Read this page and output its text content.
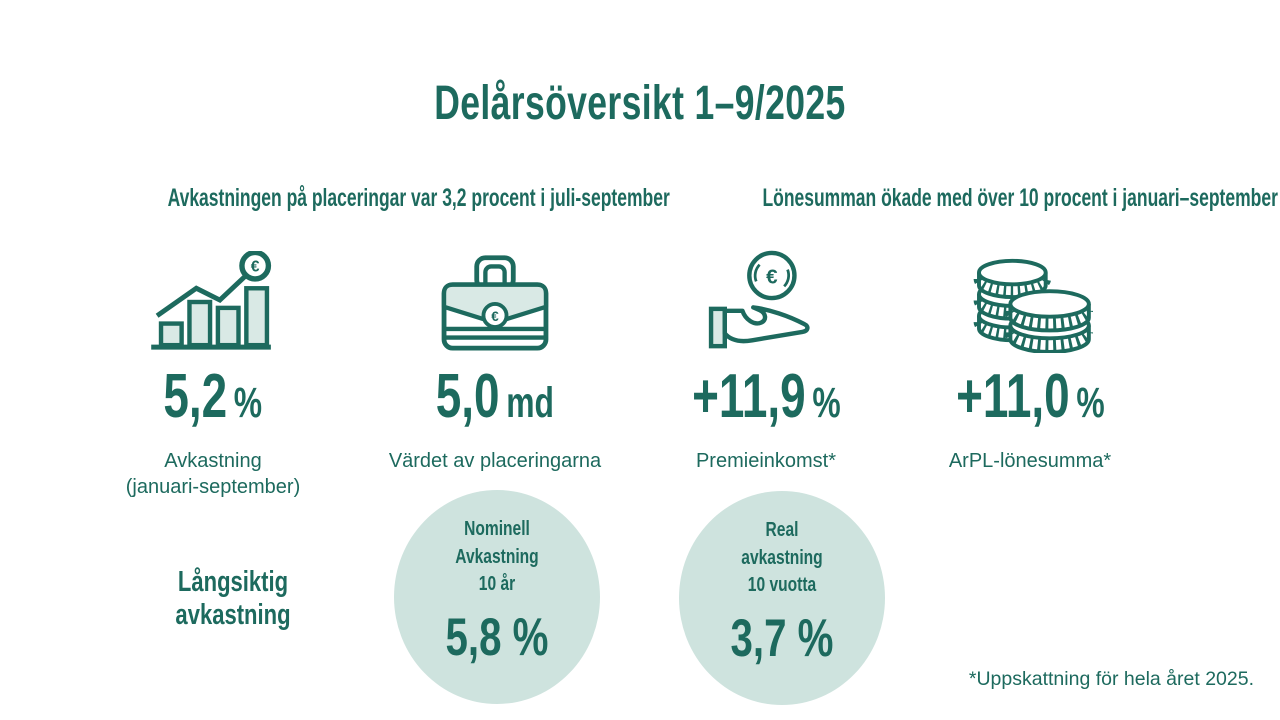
Delårsöversikt 1–9/2025
Avkastningen på placeringar var 3,2 procent i juli-september	Lönesumman ökade med över 10 procent i januari–september
€
5,2 %
Avkastning
(januari-september)
€
5,0 md
Värdet av placeringarna
€
+11,9 %
Premieinkomst*
+11,0 %
ArPL-lönesumma*
Långsiktig
avkastning
Nominell
Avkastning
10 år
5,8 %
Real
avkastning
10 vuotta
3,7 %
*Uppskattning för hela året 2025.
